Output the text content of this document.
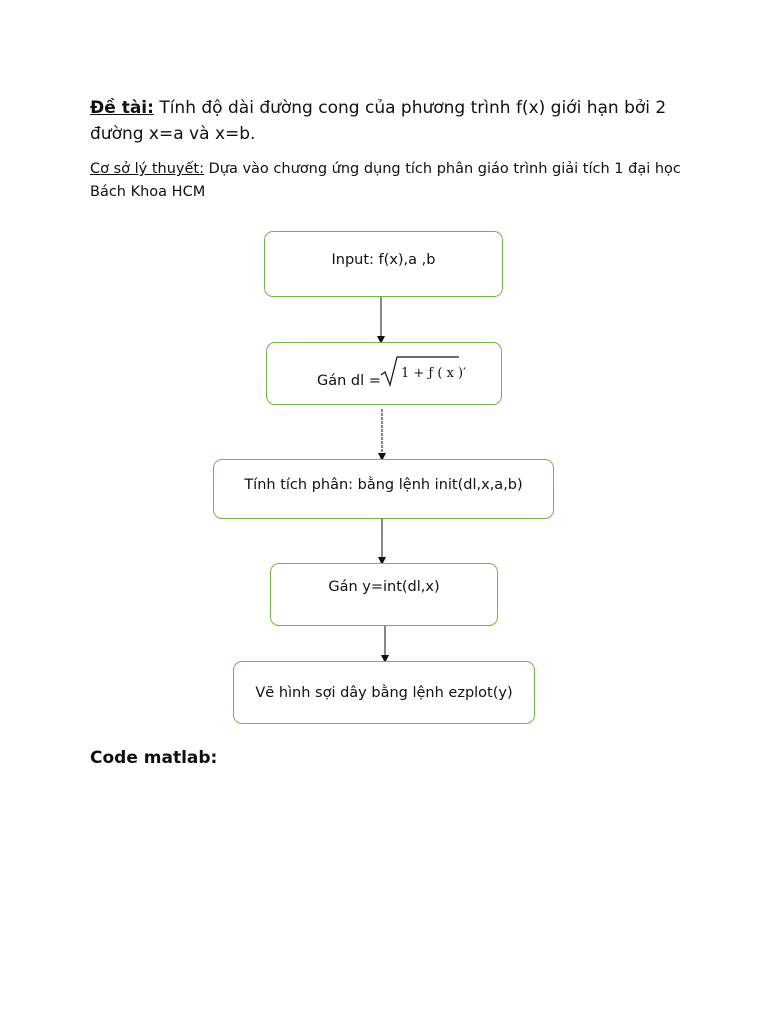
Đề tài: Tính độ dài đường cong của phương trình f(x) giới hạn bởi 2 đường x=a và x=b.
Cơ sở lý thuyết: Dựa vào chương ứng dụng tích phân giáo trình giải tích 1 đại học Bách Khoa HCM
Input: f(x),a ,b
Gán dl = 1 + ƒ ( x )′
Tính tích phân: bằng lệnh init(dl,x,a,b)
Gán y=int(dl,x)
Vẽ hình sợi dây bằng lệnh ezplot(y)
Code matlab:
